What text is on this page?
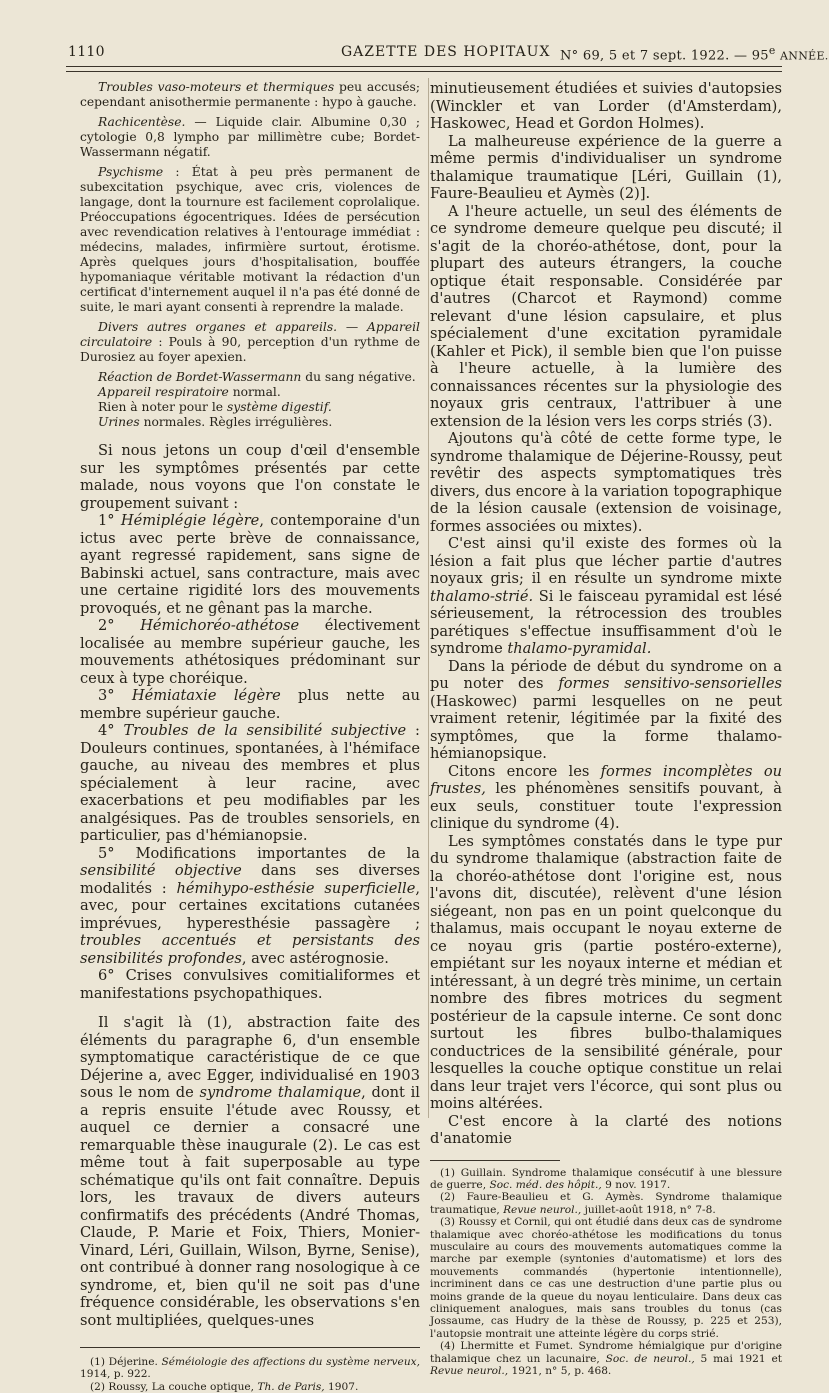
1110	GAZETTE DES HOPITAUX N° 69, 5 et 7 sept. 1922. — 95e ANNÉE.

Troubles vaso-moteurs et thermiques peu accusés; cependant anisothermie permanente : hypo à gauche.

Rachicentèse. — Liquide clair. Albumine 0,30 ; cytologie 0,8 lympho par millimètre cube; Bordet-Wassermann négatif.

Psychisme : État à peu près permanent de subexcitation psychique, avec cris, violences de langage, dont la tournure est facilement coprolalique. Préoccupations égocentriques. Idées de persécution avec revendication relatives à l'entourage immédiat : médecins, malades, infirmière surtout, érotisme. Après quelques jours d'hospitalisation, bouffée hypomaniaque véritable motivant la rédaction d'un certificat d'internement auquel il n'a pas été donné de suite, le mari ayant consenti à reprendre la malade.

Divers autres organes et appareils. — Appareil circulatoire : Pouls à 90, perception d'un rythme de Durosiez au foyer apexien.

Réaction de Bordet-Wassermann du sang négative.

Appareil respiratoire normal.

Rien à noter pour le système digestif.

Urines normales. Règles irrégulières.

Si nous jetons un coup d'œil d'ensemble sur les symptômes présentés par cette malade, nous voyons que l'on constate le groupement suivant :

1° Hémiplégie légère, contemporaine d'un ictus avec perte brève de connaissance, ayant regressé rapidement, sans signe de Babinski actuel, sans contracture, mais avec une certaine rigidité lors des mouvements provoqués, et ne gênant pas la marche.

2° Hémichoréo-athétose électivement localisée au membre supérieur gauche, les mouvements athétosiques prédominant sur ceux à type choréique.

3° Hémiataxie légère plus nette au membre supérieur gauche.

4° Troubles de la sensibilité subjective : Douleurs continues, spontanées, à l'hémiface gauche, au niveau des membres et plus spécialement à leur racine, avec exacerbations et peu modifiables par les analgésiques. Pas de troubles sensoriels, en particulier, pas d'hémianopsie.

5° Modifications importantes de la sensibilité objective dans ses diverses modalités : hémihypo-esthésie superficielle, avec, pour certaines excitations cutanées imprévues, hyperesthésie passagère ; troubles accentués et persistants des sensibilités profondes, avec astérognosie.

6° Crises convulsives comitialiformes et manifestations psychopathiques.

Il s'agit là (1), abstraction faite des éléments du paragraphe 6, d'un ensemble symptomatique caractéristique de ce que Déjerine a, avec Egger, individualisé en 1903 sous le nom de syndrome thalamique, dont il a repris ensuite l'étude avec Roussy, et auquel ce dernier a consacré une remarquable thèse inaugurale (2). Le cas est même tout à fait superposable au type schématique qu'ils ont fait connaître. Depuis lors, les travaux de divers auteurs confirmatifs des précédents (André Thomas, Claude, P. Marie et Foix, Thiers, Monier-Vinard, Léri, Guillain, Wilson, Byrne, Senise), ont contribué à donner rang nosologique à ce syndrome, et, bien qu'il ne soit pas d'une fréquence considérable, les observations s'en sont multipliées, quelques-unes

(1) Déjerine. Séméiologie des affections du système nerveux, 1914, p. 922.

(2) Roussy, La couche optique, Th. de Paris, 1907.

minutieusement étudiées et suivies d'autopsies (Winckler et van Lorder (d'Amsterdam), Haskowec, Head et Gordon Holmes).

La malheureuse expérience de la guerre a même permis d'individualiser un syndrome thalamique traumatique [Léri, Guillain (1), Faure-Beaulieu et Aymès (2)].

A l'heure actuelle, un seul des éléments de ce syndrome demeure quelque peu discuté; il s'agit de la choréo-athétose, dont, pour la plupart des auteurs étrangers, la couche optique était responsable. Considérée par d'autres (Charcot et Raymond) comme relevant d'une lésion capsulaire, et plus spécialement d'une excitation pyramidale (Kahler et Pick), il semble bien que l'on puisse à l'heure actuelle, à la lumière des connaissances récentes sur la physiologie des noyaux gris centraux, l'attribuer à une extension de la lésion vers les corps striés (3).

Ajoutons qu'à côté de cette forme type, le syndrome thalamique de Déjerine-Roussy, peut revêtir des aspects symptomatiques très divers, dus encore à la variation topographique de la lésion causale (extension de voisinage, formes associées ou mixtes).

C'est ainsi qu'il existe des formes où la lésion a fait plus que lécher partie d'autres noyaux gris; il en résulte un syndrome mixte thalamo-strié. Si le faisceau pyramidal est lésé sérieusement, la rétrocession des troubles parétiques s'effectue insuffisamment d'où le syndrome thalamo-pyramidal.

Dans la période de début du syndrome on a pu noter des formes sensitivo-sensorielles (Haskowec) parmi lesquelles on ne peut vraiment retenir, légitimée par la fixité des symptômes, que la forme thalamo-hémianopsique.

Citons encore les formes incomplètes ou frustes, les phénomènes sensitifs pouvant, à eux seuls, constituer toute l'expression clinique du syndrome (4).

Les symptômes constatés dans le type pur du syndrome thalamique (abstraction faite de la choréo-athétose dont l'origine est, nous l'avons dit, discutée), relèvent d'une lésion siégeant, non pas en un point quelconque du thalamus, mais occupant le noyau externe de ce noyau gris (partie postéro-externe), empiétant sur les noyaux interne et médian et intéressant, à un degré très minime, un certain nombre des fibres motrices du segment postérieur de la capsule interne. Ce sont donc surtout les fibres bulbo-thalamiques conductrices de la sensibilité générale, pour lesquelles la couche optique constitue un relai dans leur trajet vers l'écorce, qui sont plus ou moins altérées.

C'est encore à la clarté des notions d'anatomie

(1) Guillain. Syndrome thalamique consécutif à une blessure de guerre, Soc. méd. des hôpit., 9 nov. 1917.

(2) Faure-Beaulieu et G. Aymès. Syndrome thalamique traumatique, Revue neurol., juillet-août 1918, n° 7-8.

(3) Roussy et Cornil, qui ont étudié dans deux cas de syndrome thalamique avec choréo-athétose les modifications du tonus musculaire au cours des mouvements automatiques comme la marche par exemple (syntonies d'automatisme) et lors des mouvements commandés (hypertonie intentionnelle), incriminent dans ce cas une destruction d'une partie plus ou moins grande de la queue du noyau lenticulaire. Dans deux cas cliniquement analogues, mais sans troubles du tonus (cas Jossaume, cas Hudry de la thèse de Roussy, p. 225 et 253), l'autopsie montrait une atteinte légère du corps strié.

(4) Lhermitte et Fumet. Syndrome hémialgique pur d'origine thalamique chez un lacunaire, Soc. de neurol., 5 mai 1921 et Revue neurol., 1921, n° 5, p. 468.
